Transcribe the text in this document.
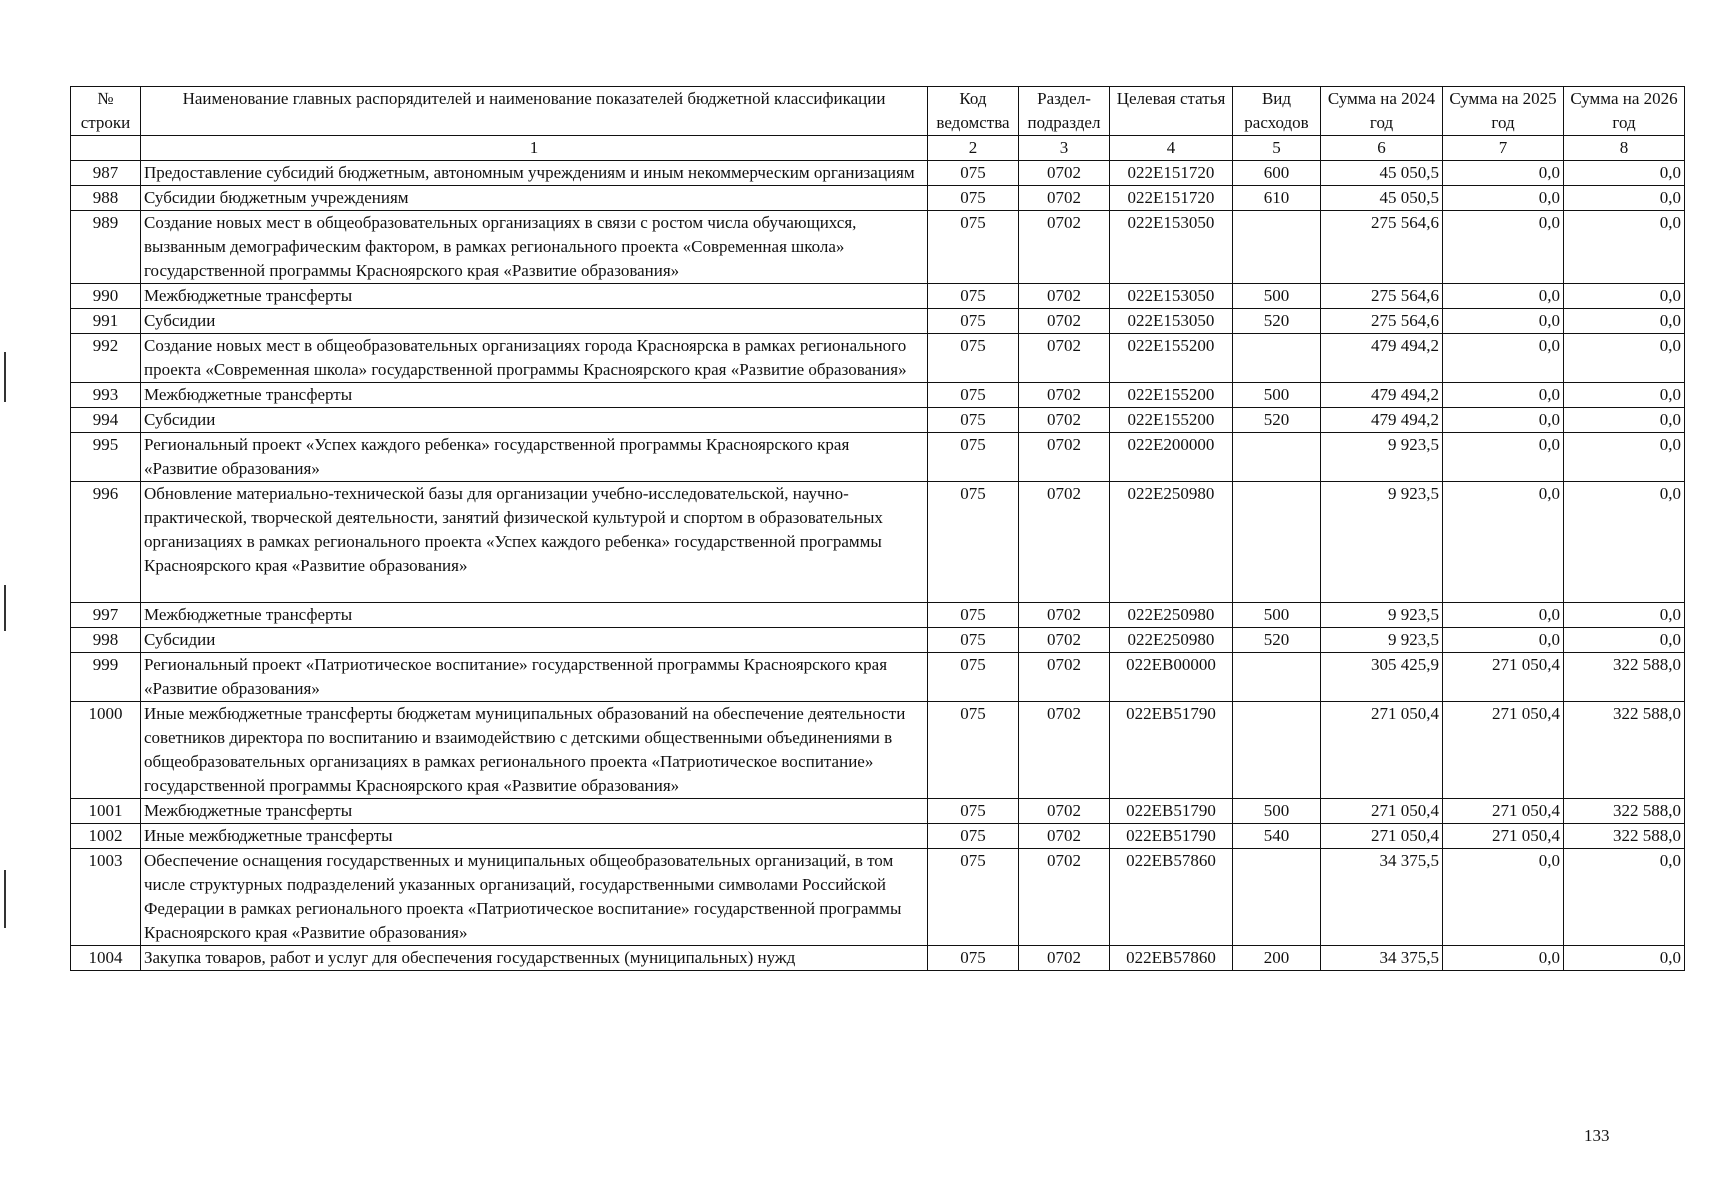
№ строки	Наименование главных распорядителей и наименование показателей бюджетной классификации	Код ведомства	Раздел-подраздел	Целевая статья	Вид расходов	Сумма на 2024 год	Сумма на 2025 год	Сумма на 2026 год
	1	2	3	4	5	6	7	8
987	Предоставление субсидий бюджетным, автономным учреждениям и иным некоммерческим организациям	075	0702	022E151720	600	45 050,5	0,0	0,0
988	Субсидии бюджетным учреждениям	075	0702	022E151720	610	45 050,5	0,0	0,0
989	Создание новых мест в общеобразовательных организациях в связи с ростом числа обучающихся, вызванным демографическим фактором, в рамках регионального проекта «Современная школа» государственной программы Красноярского края «Развитие образования»	075	0702	022E153050		275 564,6	0,0	0,0
990	Межбюджетные трансферты	075	0702	022E153050	500	275 564,6	0,0	0,0
991	Субсидии	075	0702	022E153050	520	275 564,6	0,0	0,0
992	Создание новых мест в общеобразовательных организациях города Красноярска в рамках регионального проекта «Современная школа» государственной программы Красноярского края «Развитие образования»	075	0702	022E155200		479 494,2	0,0	0,0
993	Межбюджетные трансферты	075	0702	022E155200	500	479 494,2	0,0	0,0
994	Субсидии	075	0702	022E155200	520	479 494,2	0,0	0,0
995	Региональный проект «Успех каждого ребенка» государственной программы Красноярского края «Развитие образования»	075	0702	022E200000		9 923,5	0,0	0,0
996	Обновление материально-технической базы для организации учебно-исследовательской, научно-практической, творческой деятельности, занятий физической культурой и спортом в образовательных организациях в рамках регионального проекта «Успех каждого ребенка» государственной программы Красноярского края «Развитие образования»	075	0702	022E250980		9 923,5	0,0	0,0
997	Межбюджетные трансферты	075	0702	022E250980	500	9 923,5	0,0	0,0
998	Субсидии	075	0702	022E250980	520	9 923,5	0,0	0,0
999	Региональный проект «Патриотическое воспитание» государственной программы Красноярского края «Развитие образования»	075	0702	022EB00000		305 425,9	271 050,4	322 588,0
1000	Иные межбюджетные трансферты бюджетам муниципальных образований на обеспечение деятельности советников директора по воспитанию и взаимодействию с детскими общественными объединениями в общеобразовательных организациях в рамках регионального проекта «Патриотическое воспитание» государственной программы Красноярского края «Развитие образования»	075	0702	022EB51790		271 050,4	271 050,4	322 588,0
1001	Межбюджетные трансферты	075	0702	022EB51790	500	271 050,4	271 050,4	322 588,0
1002	Иные межбюджетные трансферты	075	0702	022EB51790	540	271 050,4	271 050,4	322 588,0
1003	Обеспечение оснащения государственных и муниципальных общеобразовательных организаций, в том числе структурных подразделений указанных организаций, государственными символами Российской Федерации в рамках регионального проекта «Патриотическое воспитание» государственной программы Красноярского края «Развитие образования»	075	0702	022EB57860		34 375,5	0,0	0,0
1004	Закупка товаров, работ и услуг для обеспечения государственных (муниципальных) нужд	075	0702	022EB57860	200	34 375,5	0,0	0,0
133
